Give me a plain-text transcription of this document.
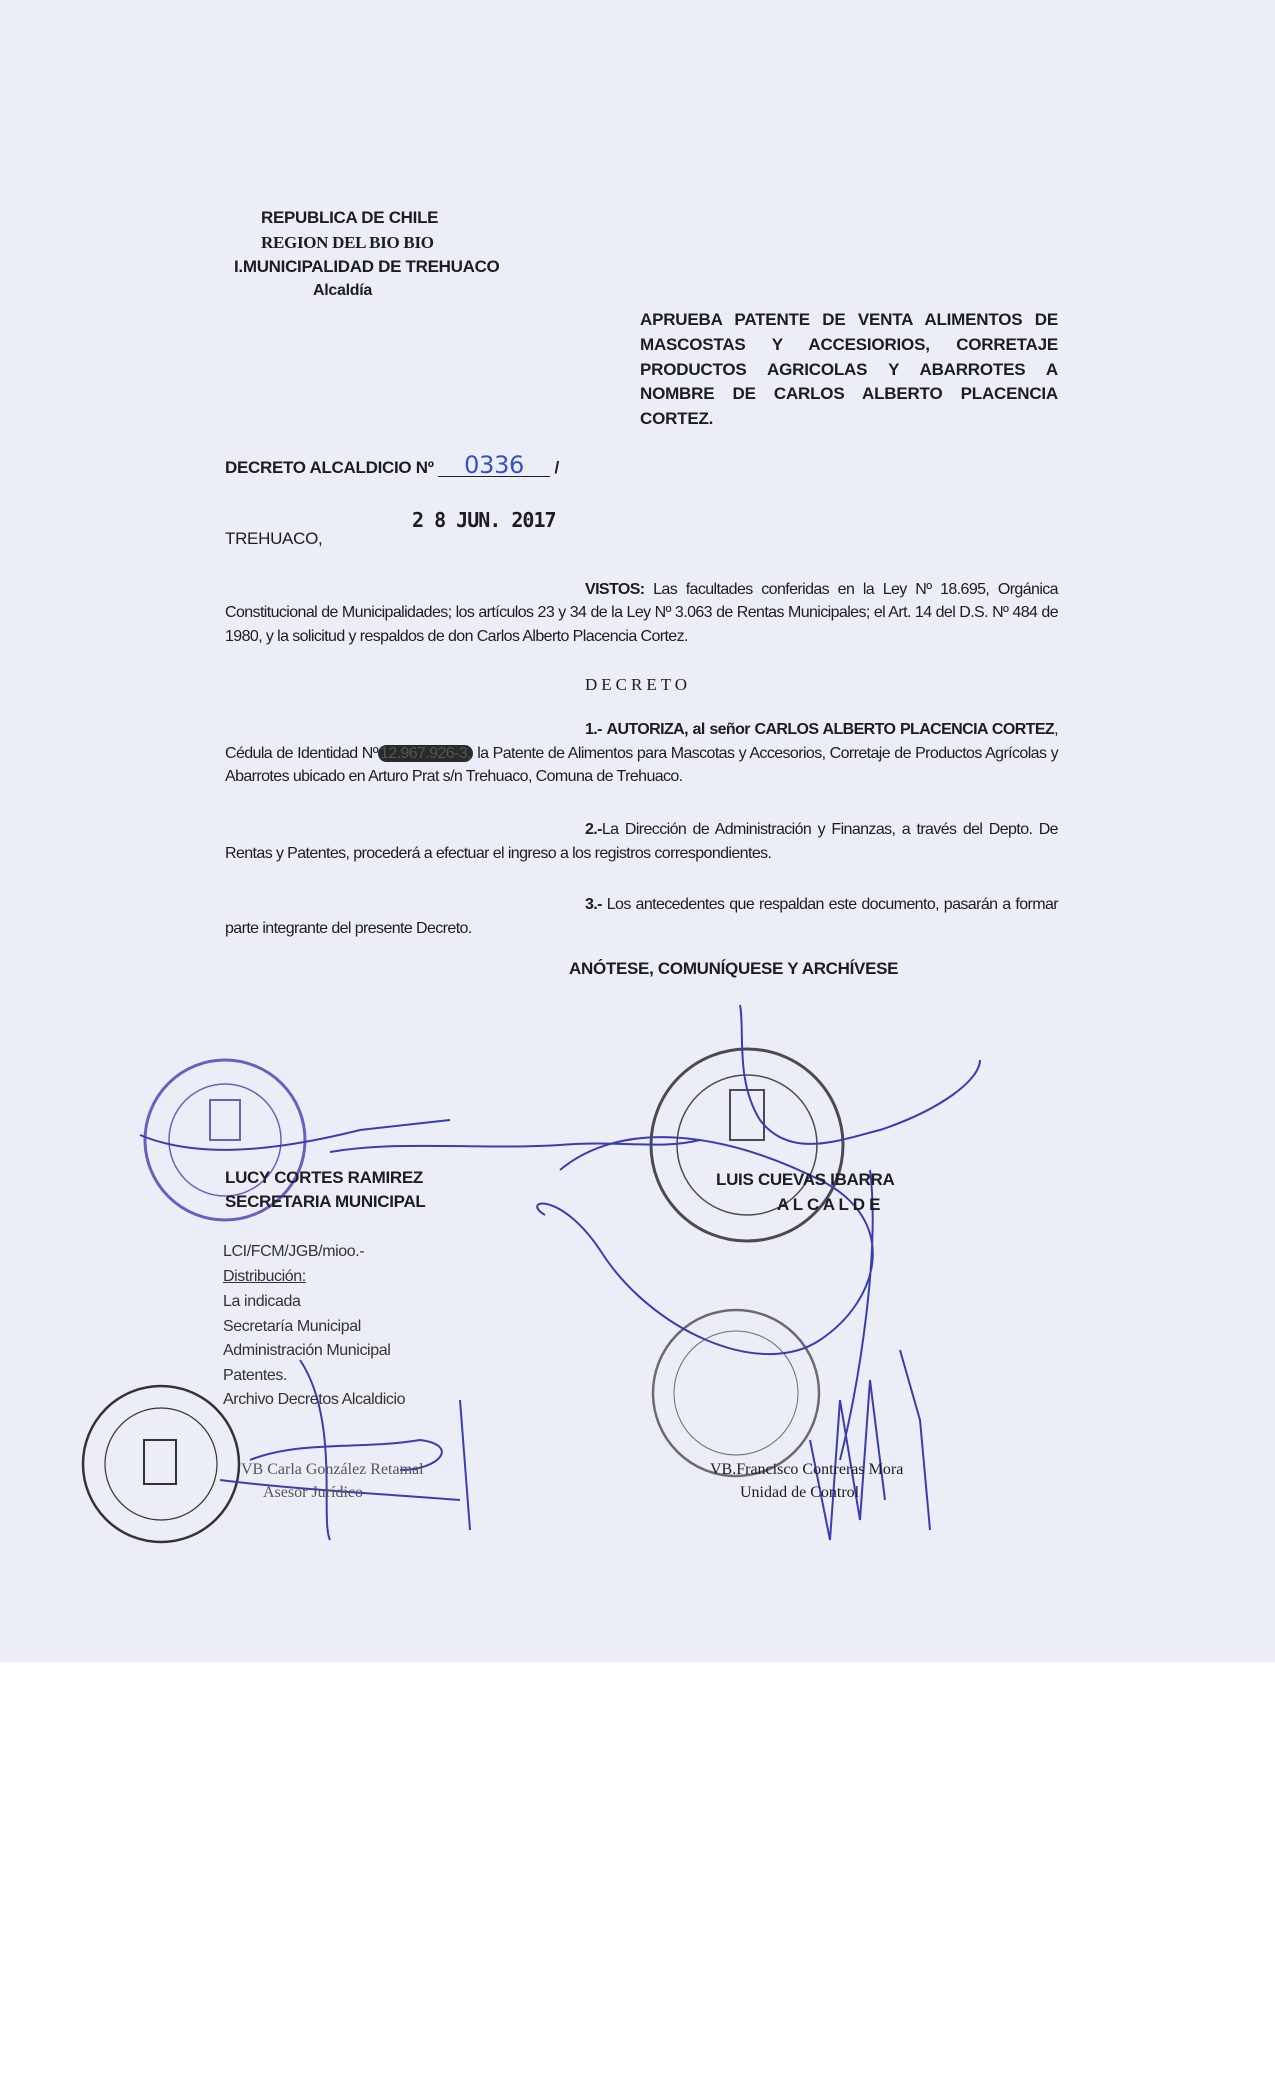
REPUBLICA DE CHILE
REGION DEL BIO BIO
I.MUNICIPALIDAD DE TREHUACO
Alcaldía
APRUEBA PATENTE DE VENTA ALIMENTOS DE MASCOSTAS Y ACCESIORIOS, CORRETAJE PRODUCTOS AGRICOLAS Y ABARROTES A NOMBRE DE CARLOS ALBERTO PLACENCIA CORTEZ.
DECRETO ALCALDICIO Nº 0336 /
TREHUACO,
2 8 JUN. 2017

VISTOS: Las facultades conferidas en la Ley Nº 18.695, Orgánica Constitucional de Municipalidades; los artículos 23 y 34 de la Ley Nº 3.063 de Rentas Municipales; el Art. 14 del D.S. Nº 484 de 1980, y la solicitud y respaldos de don Carlos Alberto Placencia Cortez.

DECRETO

1.- AUTORIZA, al señor CARLOS ALBERTO PLACENCIA CORTEZ, Cédula de Identidad Nº 12.967.926-3, la Patente de Alimentos para Mascotas y Accesorios, Corretaje de Productos Agrícolas y Abarrotes ubicado en Arturo Prat s/n Trehuaco, Comuna de Trehuaco.

2.-La Dirección de Administración y Finanzas, a través del Depto. De Rentas y Patentes, procederá a efectuar el ingreso a los registros correspondientes.

3.- Los antecedentes que respaldan este documento, pasarán a formar parte integrante del presente Decreto.

ANÓTESE, COMUNÍQUESE Y ARCHÍVESE
LUCY CORTES RAMIREZ
SECRETARIA MUNICIPAL
LUIS CUEVAS IBARRA
A L C A L D E
LCI/FCM/JGB/mioo.-
Distribución:
La indicada
Secretaría Municipal
Administración Municipal
Patentes.
Archivo Decretos Alcaldicio
VB Carla González Retamal
Asesor Jurídico
VB.Francisco Contreras Mora
Unidad de Control
